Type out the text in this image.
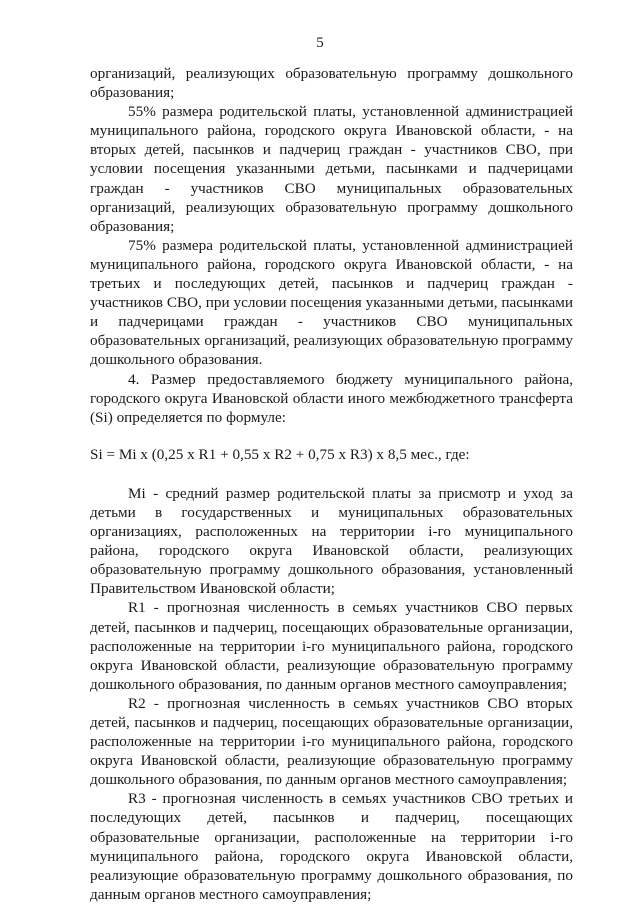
5

организаций, реализующих образовательную программу дошкольного образования;

55% размера родительской платы, установленной администрацией муниципального района, городского округа Ивановской области, - на вторых детей, пасынков и падчериц граждан - участников СВО, при условии посещения указанными детьми, пасынками и падчерицами граждан - участников СВО муниципальных образовательных организаций, реализующих образовательную программу дошкольного образования;

75% размера родительской платы, установленной администрацией муниципального района, городского округа Ивановской области, - на третьих и последующих детей, пасынков и падчериц граждан - участников СВО, при условии посещения указанными детьми, пасынками и падчерицами граждан - участников СВО муниципальных образовательных организаций, реализующих образовательную программу дошкольного образования.

4. Размер предоставляемого бюджету муниципального района, городского округа Ивановской области иного межбюджетного трансферта (Si) определяется по формуле:

Si = Mi x (0,25 x R1 + 0,55 x R2 + 0,75 x R3) x 8,5 мес., где:

Mi - средний размер родительской платы за присмотр и уход за детьми в государственных и муниципальных образовательных организациях, расположенных на территории i-го муниципального района, городского округа Ивановской области, реализующих образовательную программу дошкольного образования, установленный Правительством Ивановской области;

R1 - прогнозная численность в семьях участников СВО первых детей, пасынков и падчериц, посещающих образовательные организации, расположенные на территории i-го муниципального района, городского округа Ивановской области, реализующие образовательную программу дошкольного образования, по данным органов местного самоуправления;

R2 - прогнозная численность в семьях участников СВО вторых детей, пасынков и падчериц, посещающих образовательные организации, расположенные на территории i-го муниципального района, городского округа Ивановской области, реализующие образовательную программу дошкольного образования, по данным органов местного самоуправления;

R3 - прогнозная численность в семьях участников СВО третьих и последующих детей, пасынков и падчериц, посещающих образовательные организации, расположенные на территории i-го муниципального района, городского округа Ивановской области, реализующие образовательную программу дошкольного образования, по данным органов местного самоуправления;
